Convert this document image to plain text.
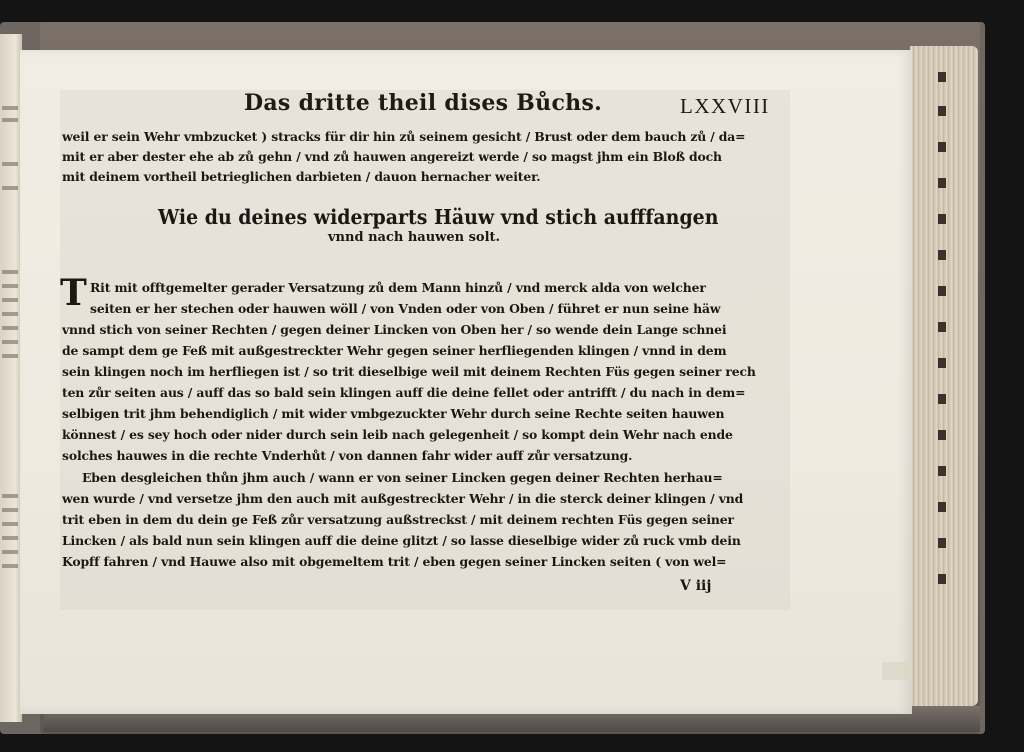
Das dritte theil dises Bůchs.	LXXVIII
weil er sein Wehr vmbzucket ) stracks für dir hin zů seinem gesicht / Brust oder dem bauch zů / da=
mit er aber dester ehe ab zů gehn / vnd zů hauwen angereizt werde / so magst jhm ein Bloß doch
mit deinem vortheil betrieglichen darbieten / dauon hernacher weiter.
Wie du deines widerparts Häuw vnd stich aufffangen
vnnd nach hauwen solt.
T Rit mit offtgemelter gerader Versatzung zů dem Mann hinzů / vnd merck alda von welcher
seiten er her stechen oder hauwen wöll / von Vnden oder von Oben / führet er nun seine häw
vnnd stich von seiner Rechten / gegen deiner Lincken von Oben her / so wende dein Lange schnei
de sampt dem ge Feß mit außgestreckter Wehr gegen seiner herfliegenden klingen / vnnd in dem
sein klingen noch im herfliegen ist / so trit dieselbige weil mit deinem Rechten Füs gegen seiner rech
ten zůr seiten aus / auff das so bald sein klingen auff die deine fellet oder antrifft / du nach in dem=
selbigen trit jhm behendiglich / mit wider vmbgezuckter Wehr durch seine Rechte seiten hauwen
könnest / es sey hoch oder nider durch sein leib nach gelegenheit / so kompt dein Wehr nach ende
solches hauwes in die rechte Vnderhůt / von dannen fahr wider auff zůr versatzung.
Eben desgleichen thůn jhm auch / wann er von seiner Lincken gegen deiner Rechten herhau=
wen wurde / vnd versetze jhm den auch mit außgestreckter Wehr / in die sterck deiner klingen / vnd
trit eben in dem du dein ge Feß zůr versatzung außstreckst / mit deinem rechten Füs gegen seiner
Lincken / als bald nun sein klingen auff die deine glitzt / so lasse dieselbige wider zů ruck vmb dein
Kopff fahren / vnd Hauwe also mit obgemeltem trit / eben gegen seiner Lincken seiten ( von wel=
V iij
